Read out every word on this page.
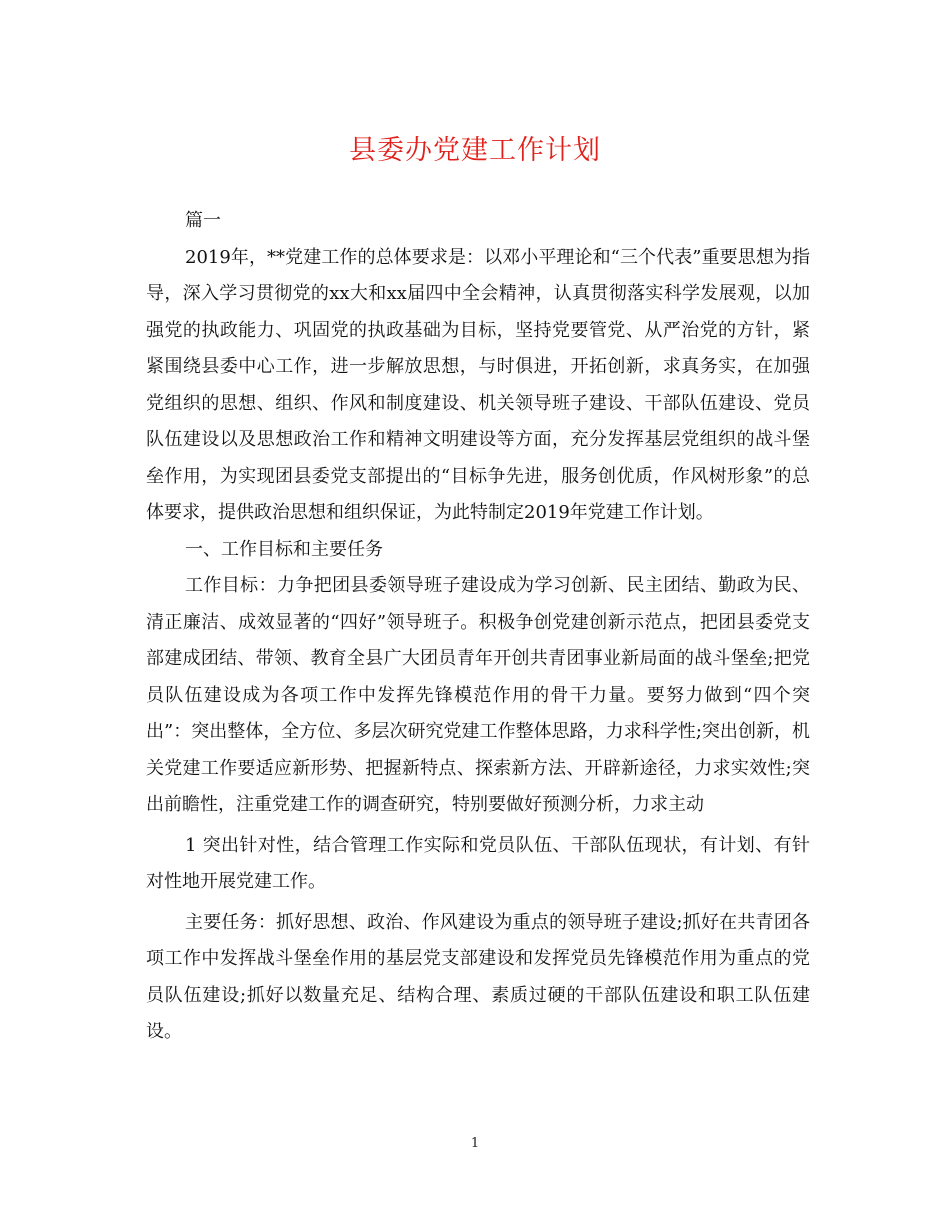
县委办党建工作计划

篇一

2019年，**党建工作的总体要求是：以邓小平理论和“三个代表”重要思想为指导，深入学习贯彻党的xx大和xx届四中全会精神，认真贯彻落实科学发展观，以加强党的执政能力、巩固党的执政基础为目标，坚持党要管党、从严治党的方针，紧紧围绕县委中心工作，进一步解放思想，与时俱进，开拓创新，求真务实，在加强党组织的思想、组织、作风和制度建设、机关领导班子建设、干部队伍建设、党员队伍建设以及思想政治工作和精神文明建设等方面，充分发挥基层党组织的战斗堡垒作用，为实现团县委党支部提出的“目标争先进，服务创优质，作风树形象”的总体要求，提供政治思想和组织保证，为此特制定2019年党建工作计划。

一、工作目标和主要任务

工作目标：力争把团县委领导班子建设成为学习创新、民主团结、勤政为民、清正廉洁、成效显著的“四好”领导班子。积极争创党建创新示范点，把团县委党支部建成团结、带领、教育全县广大团员青年开创共青团事业新局面的战斗堡垒;把党员队伍建设成为各项工作中发挥先锋模范作用的骨干力量。要努力做到“四个突出”：突出整体，全方位、多层次研究党建工作整体思路，力求科学性;突出创新，机关党建工作要适应新形势、把握新特点、探索新方法、开辟新途径，力求实效性;突出前瞻性，注重党建工作的调查研究，特别要做好预测分析，力求主动

1 突出针对性，结合管理工作实际和党员队伍、干部队伍现状，有计划、有针对性地开展党建工作。

主要任务：抓好思想、政治、作风建设为重点的领导班子建设;抓好在共青团各项工作中发挥战斗堡垒作用的基层党支部建设和发挥党员先锋模范作用为重点的党员队伍建设;抓好以数量充足、结构合理、素质过硬的干部队伍建设和职工队伍建设。

1
